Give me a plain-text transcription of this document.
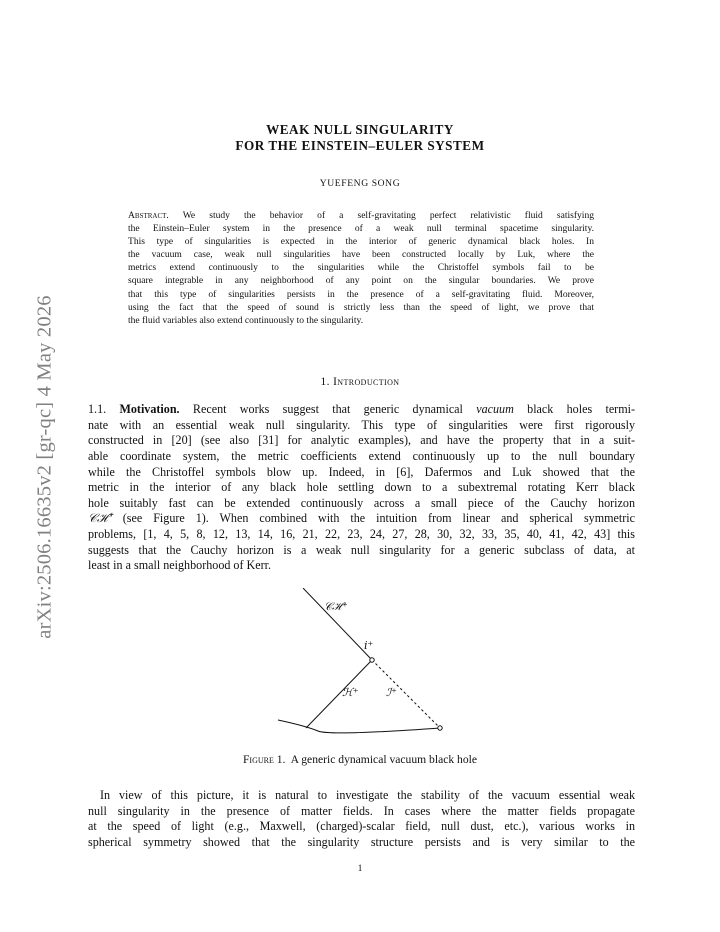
arXiv:2506.16635v2 [gr-qc] 4 May 2026
WEAK NULL SINGULARITY
FOR THE EINSTEIN–EULER SYSTEM
YUEFENG SONG
Abstract. We study the behavior of a self-gravitating perfect relativistic fluid satisfying
the Einstein–Euler system in the presence of a weak null terminal spacetime singularity.
This type of singularities is expected in the interior of generic dynamical black holes. In
the vacuum case, weak null singularities have been constructed locally by Luk, where the
metrics extend continuously to the singularities while the Christoffel symbols fail to be
square integrable in any neighborhood of any point on the singular boundaries. We prove
that this type of singularities persists in the presence of a self-gravitating fluid. Moreover,
using the fact that the speed of sound is strictly less than the speed of light, we prove that
the fluid variables also extend continuously to the singularity.
1. Introduction
1.1. Motivation. Recent works suggest that generic dynamical vacuum black holes termi-
nate with an essential weak null singularity. This type of singularities were first rigorously
constructed in [20] (see also [31] for analytic examples), and have the property that in a suit-
able coordinate system, the metric coefficients extend continuously up to the null boundary
while the Christoffel symbols blow up. Indeed, in [6], Dafermos and Luk showed that the
metric in the interior of any black hole settling down to a subextremal rotating Kerr black
hole suitably fast can be extended continuously across a small piece of the Cauchy horizon
𝒞ℋ⁺ (see Figure 1). When combined with the intuition from linear and spherical symmetric
problems, [1, 4, 5, 8, 12, 13, 14, 16, 21, 22, 23, 24, 27, 28, 30, 32, 33, 35, 40, 41, 42, 43] this
suggests that the Cauchy horizon is a weak null singularity for a generic subclass of data, at
least in a small neighborhood of Kerr.
𝒞ℋ⁺
i⁺
ℋ⁺ ℐ⁺
Figure 1. A generic dynamical vacuum black hole
In view of this picture, it is natural to investigate the stability of the vacuum essential weak
null singularity in the presence of matter fields. In cases where the matter fields propagate
at the speed of light (e.g., Maxwell, (charged)-scalar field, null dust, etc.), various works in
spherical symmetry showed that the singularity structure persists and is very similar to the
1
